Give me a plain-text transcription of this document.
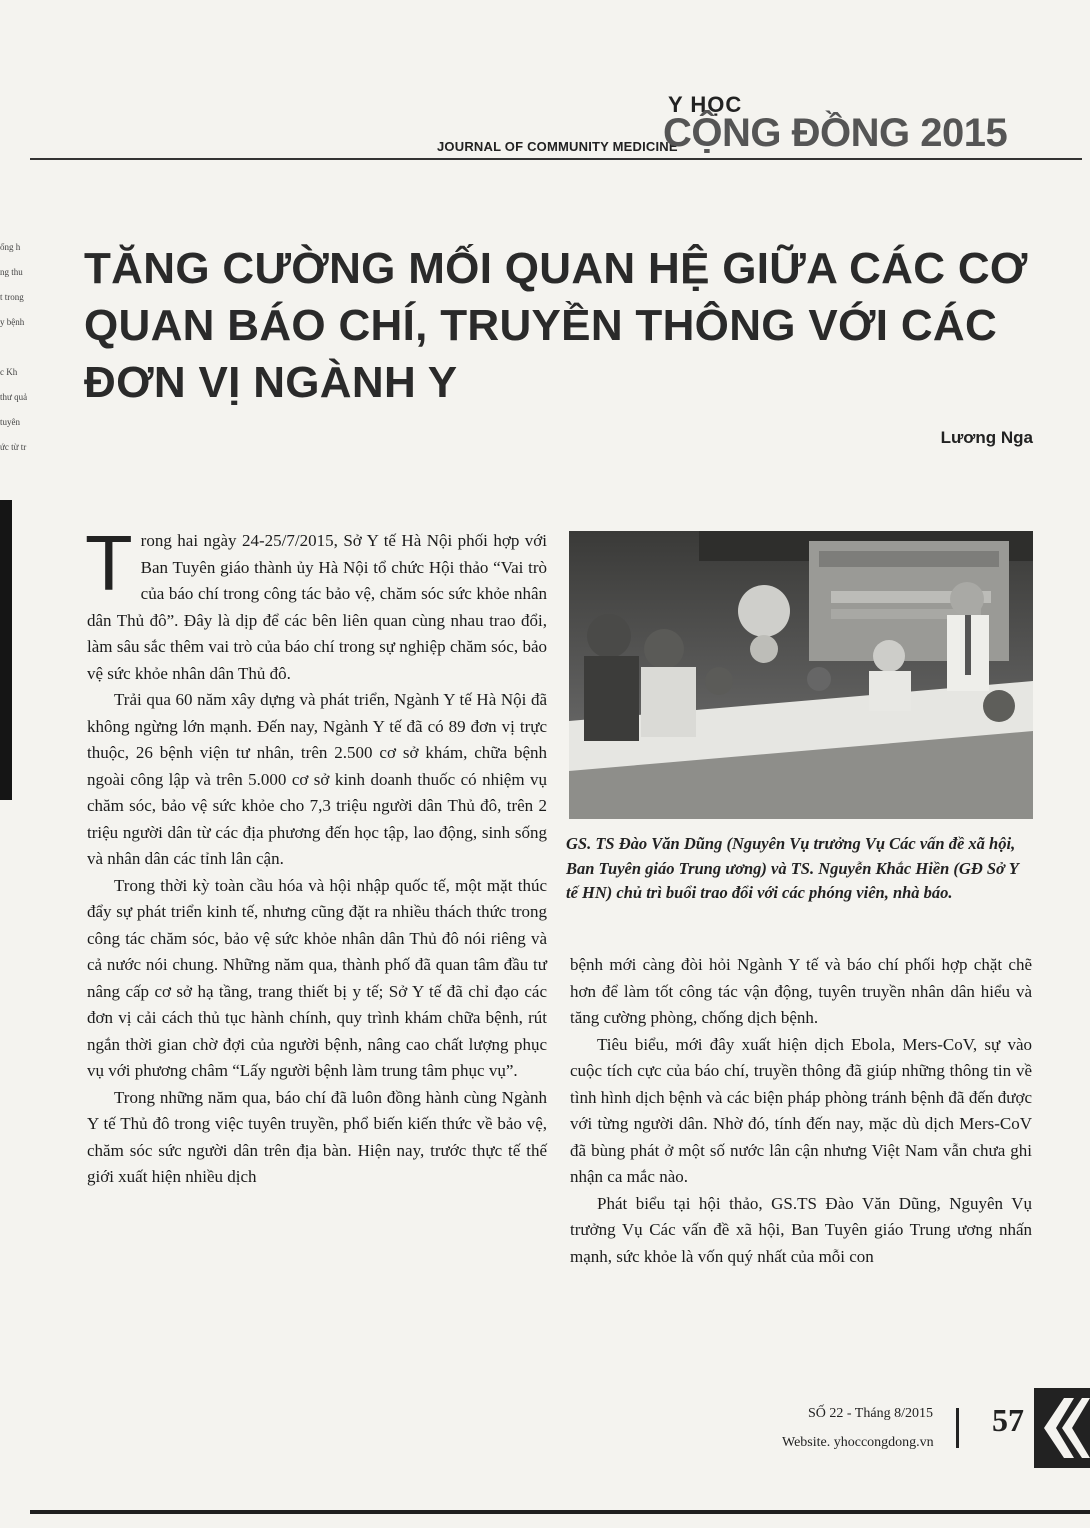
Y HỌC
JOURNAL OF COMMUNITY MEDICINE
CỘNG ĐỒNG 2015
ống h
ng thu
t trong
y bệnh

c Kh
thư quả
tuyên
ức từ tr
TĂNG CƯỜNG MỐI QUAN HỆ GIỮA CÁC CƠ QUAN BÁO CHÍ, TRUYỀN THÔNG VỚI CÁC ĐƠN VỊ NGÀNH Y
Lương Nga

Trong hai ngày 24-25/7/2015, Sở Y tế Hà Nội phối hợp với Ban Tuyên giáo thành ủy Hà Nội tổ chức Hội thảo “Vai trò của báo chí trong công tác bảo vệ, chăm sóc sức khỏe nhân dân Thủ đô”. Đây là dịp để các bên liên quan cùng nhau trao đổi, làm sâu sắc thêm vai trò của báo chí trong sự nghiệp chăm sóc, bảo vệ sức khỏe nhân dân Thủ đô.

Trải qua 60 năm xây dựng và phát triển, Ngành Y tế Hà Nội đã không ngừng lớn mạnh. Đến nay, Ngành Y tế đã có 89 đơn vị trực thuộc, 26 bệnh viện tư nhân, trên 2.500 cơ sở khám, chữa bệnh ngoài công lập và trên 5.000 cơ sở kinh doanh thuốc có nhiệm vụ chăm sóc, bảo vệ sức khỏe cho 7,3 triệu người dân Thủ đô, trên 2 triệu người dân từ các địa phương đến học tập, lao động, sinh sống và nhân dân các tỉnh lân cận.

Trong thời kỳ toàn cầu hóa và hội nhập quốc tế, một mặt thúc đẩy sự phát triển kinh tế, nhưng cũng đặt ra nhiều thách thức trong công tác chăm sóc, bảo vệ sức khỏe nhân dân Thủ đô nói riêng và cả nước nói chung. Những năm qua, thành phố đã quan tâm đầu tư nâng cấp cơ sở hạ tầng, trang thiết bị y tế; Sở Y tế đã chỉ đạo các đơn vị cải cách thủ tục hành chính, quy trình khám chữa bệnh, rút ngắn thời gian chờ đợi của người bệnh, nâng cao chất lượng phục vụ với phương châm “Lấy người bệnh làm trung tâm phục vụ”.

Trong những năm qua, báo chí đã luôn đồng hành cùng Ngành Y tế Thủ đô trong việc tuyên truyền, phổ biến kiến thức về bảo vệ, chăm sóc sức người dân trên địa bàn. Hiện nay, trước thực tế thế giới xuất hiện nhiều dịch

GS. TS Đào Văn Dũng (Nguyên Vụ trưởng Vụ Các vấn đề xã hội, Ban Tuyên giáo Trung ương) và TS. Nguyễn Khắc Hiền (GĐ Sở Y tế HN) chủ trì buổi trao đổi với các phóng viên, nhà báo.

bệnh mới càng đòi hỏi Ngành Y tế và báo chí phối hợp chặt chẽ hơn để làm tốt công tác vận động, tuyên truyền nhân dân hiểu và tăng cường phòng, chống dịch bệnh.

Tiêu biểu, mới đây xuất hiện dịch Ebola, Mers-CoV, sự vào cuộc tích cực của báo chí, truyền thông đã giúp những thông tin về tình hình dịch bệnh và các biện pháp phòng tránh bệnh đã đến được với từng người dân. Nhờ đó, tính đến nay, mặc dù dịch Mers-CoV đã bùng phát ở một số nước lân cận nhưng Việt Nam vẫn chưa ghi nhận ca mắc nào.

Phát biểu tại hội thảo, GS.TS Đào Văn Dũng, Nguyên Vụ trưởng Vụ Các vấn đề xã hội, Ban Tuyên giáo Trung ương nhấn mạnh, sức khỏe là vốn quý nhất của mỗi con

SỐ 22 - Tháng 8/2015
Website. yhoccongdong.vn
57
